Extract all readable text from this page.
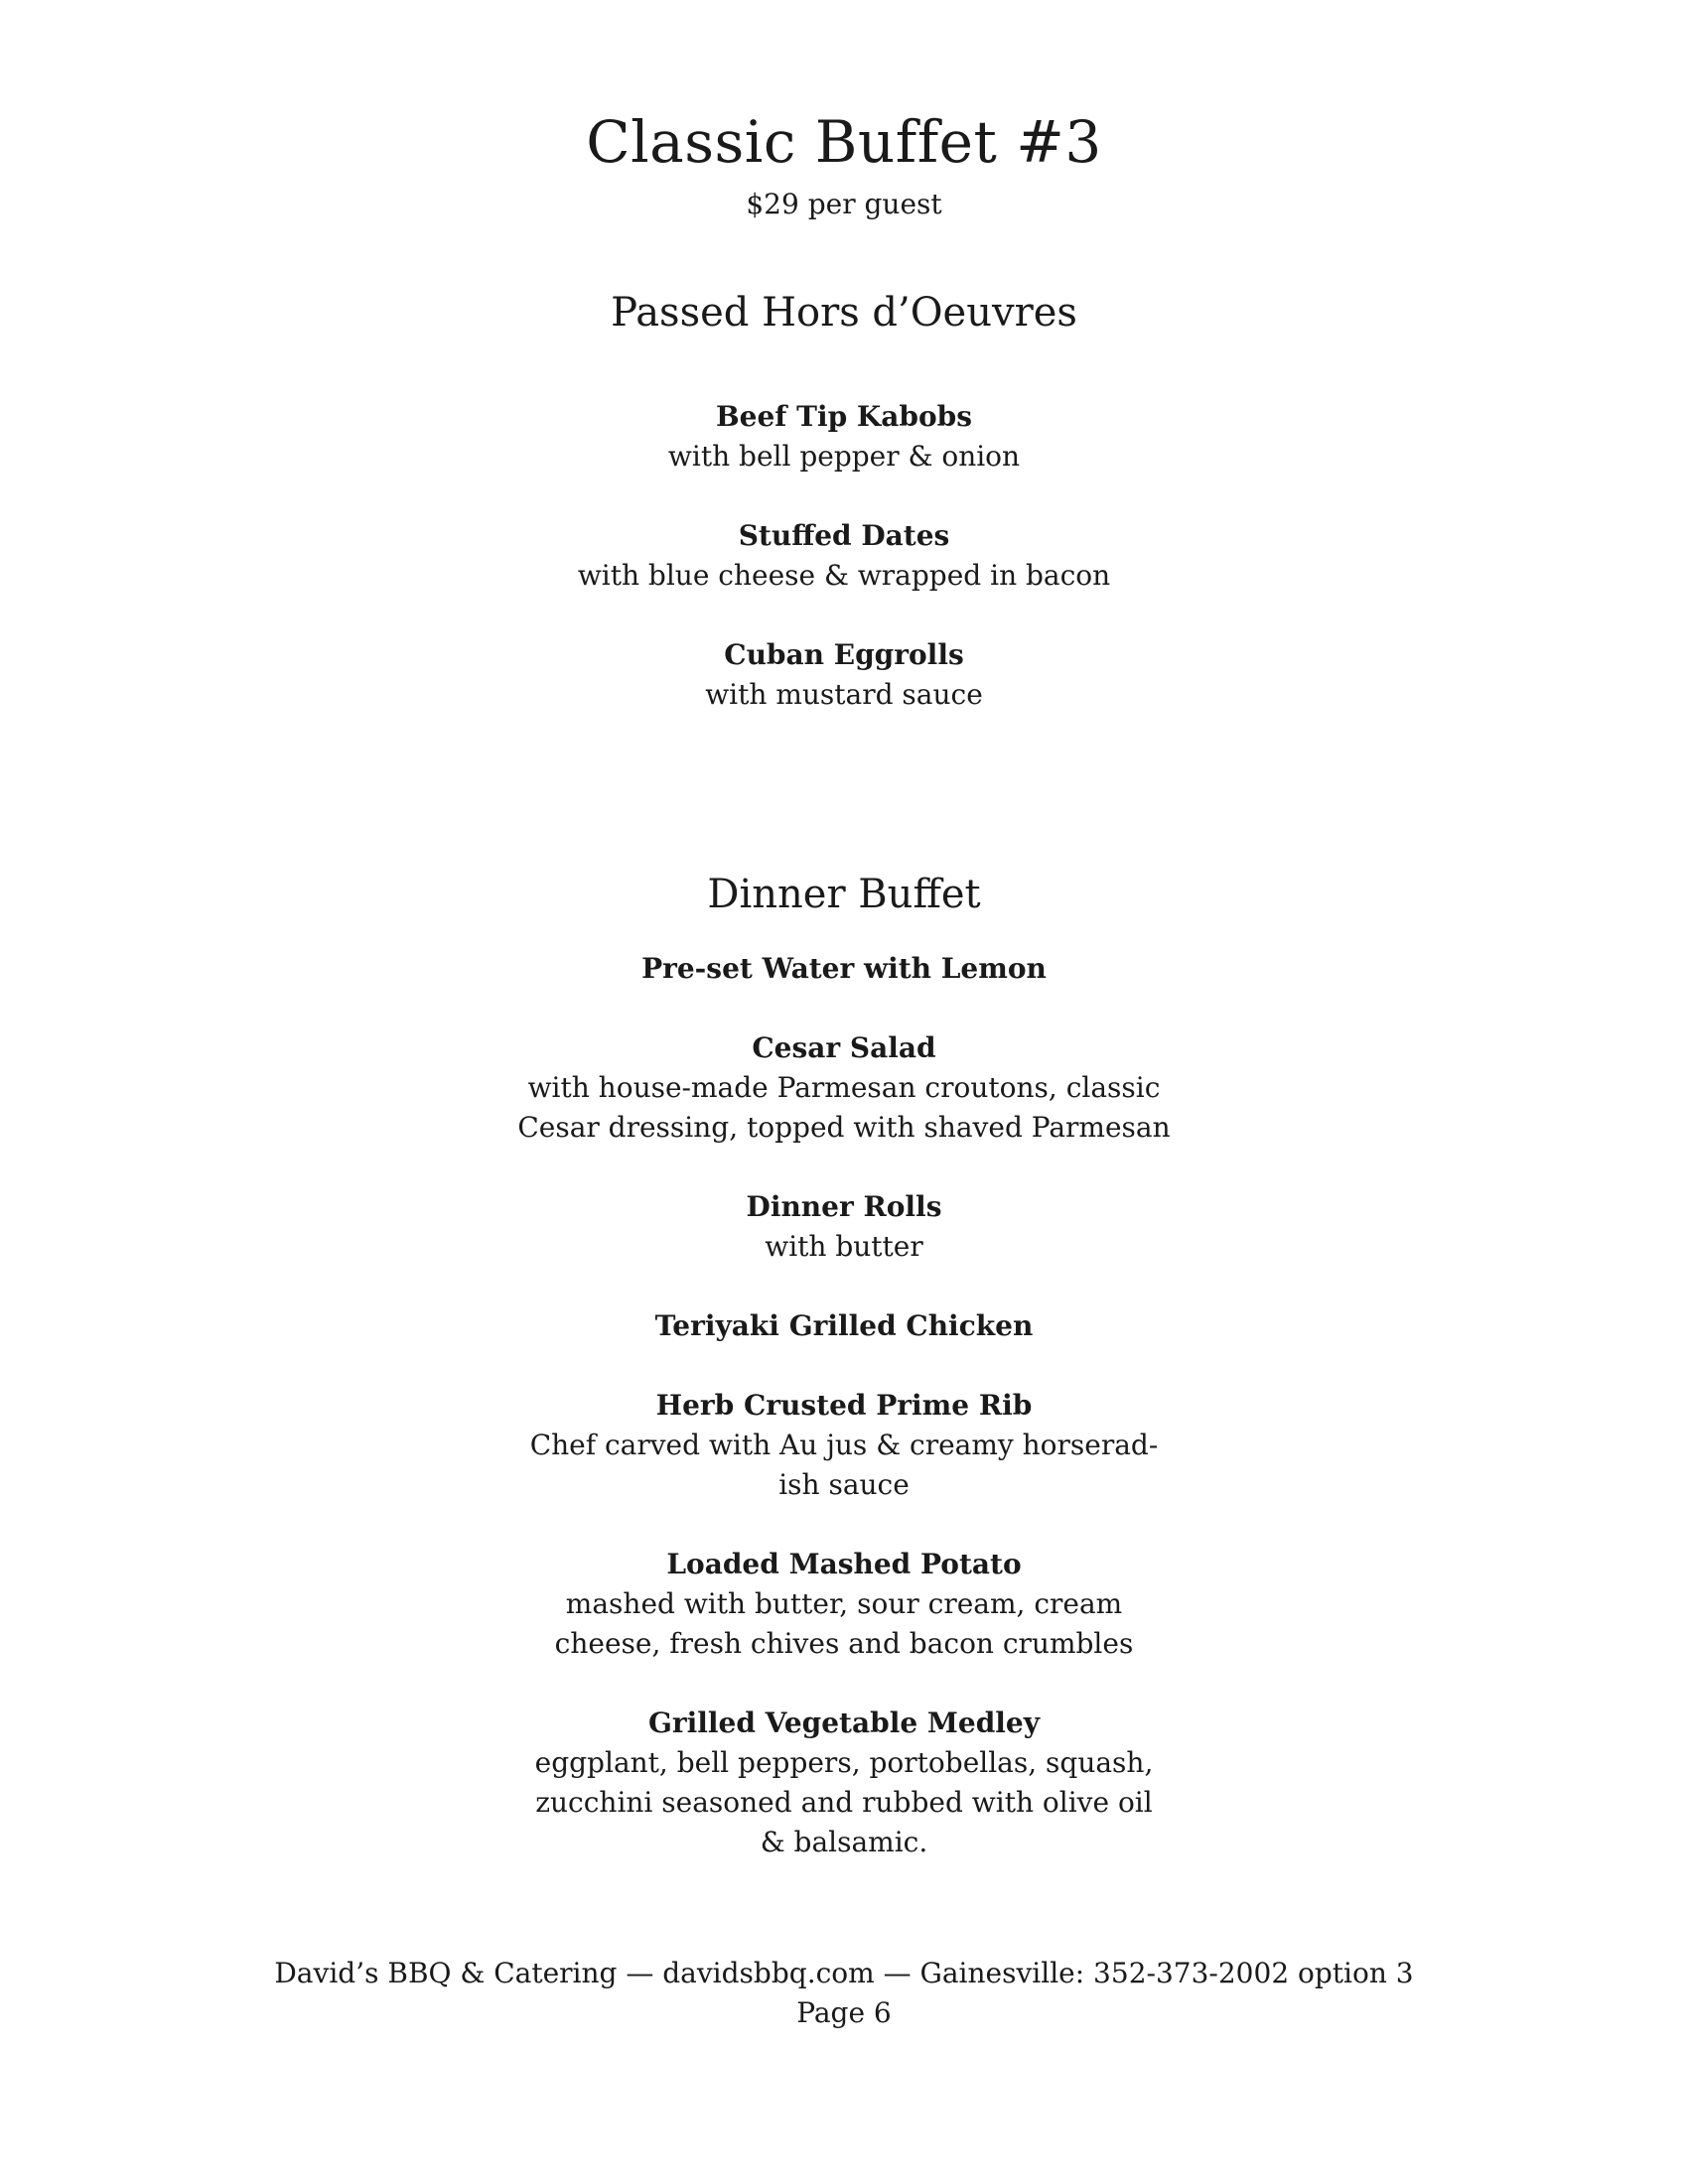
Classic Buffet #3
$29 per guest
Passed Hors d’Oeuvres
Beef Tip Kabobs
with bell pepper & onion
Stuffed Dates
with blue cheese & wrapped in bacon
Cuban Eggrolls
with mustard sauce
Dinner Buffet
Pre-set Water with Lemon
Cesar Salad
with house-made Parmesan croutons, classic
Cesar dressing, topped with shaved Parmesan
Dinner Rolls
with butter
Teriyaki Grilled Chicken
Herb Crusted Prime Rib
Chef carved with Au jus & creamy horserad-
ish sauce
Loaded Mashed Potato
mashed with butter, sour cream, cream
cheese, fresh chives and bacon crumbles
Grilled Vegetable Medley
eggplant, bell peppers, portobellas, squash,
zucchini seasoned and rubbed with olive oil
& balsamic.
David’s BBQ & Catering — davidsbbq.com — Gainesville: 352-373-2002 option 3
Page 6
